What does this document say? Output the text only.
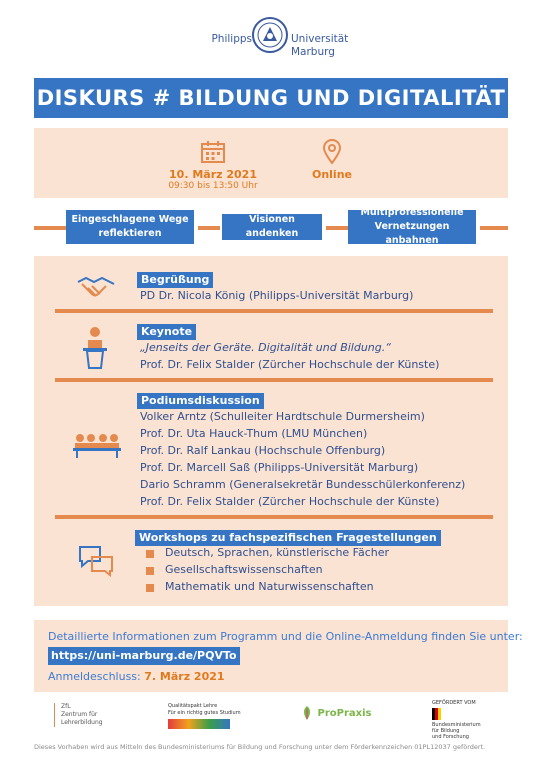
Philipps	Universität
Marburg
DISKURS # BILDUNG UND DIGITALITÄT
10. März 2021
09:30 bis 13:50 Uhr
Online
Eingeschlagene Wege
reflektieren
Visionen andenken
Multiprofessionelle
Vernetzungen anbahnen
Begrüßung
PD Dr. Nicola König (Philipps-Universität Marburg)
Keynote
„Jenseits der Geräte. Digitalität und Bildung.“
Prof. Dr. Felix Stalder (Zürcher Hochschule der Künste)
Podiumsdiskussion
Volker Arntz (Schulleiter Hardtschule Durmersheim)
Prof. Dr. Uta Hauck-Thum (LMU München)
Prof. Dr. Ralf Lankau (Hochschule Offenburg)
Prof. Dr. Marcell Saß (Philipps-Universität Marburg)
Dario Schramm (Generalsekretär Bundesschülerkonferenz)
Prof. Dr. Felix Stalder (Zürcher Hochschule der Künste)
Workshops zu fachspezifischen Fragestellungen
Deutsch, Sprachen, künstlerische Fächer
Gesellschaftswissenschaften
Mathematik und Naturwissenschaften
Detaillierte Informationen zum Programm und die Online-Anmeldung finden Sie unter:
https://uni-marburg.de/PQVTo
Anmeldeschluss: 7. März 2021
ZfL
Zentrum für
Lehrerbildung
Qualitätspakt Lehre
Für ein richtig gutes Studium	ProPraxis
GEFÖRDERT VOM
Bundesministerium
für Bildung
und Forschung
Dieses Vorhaben wird aus Mitteln des Bundesministeriums für Bildung und Forschung unter dem Förderkennzeichen 01PL12037 gefördert.
